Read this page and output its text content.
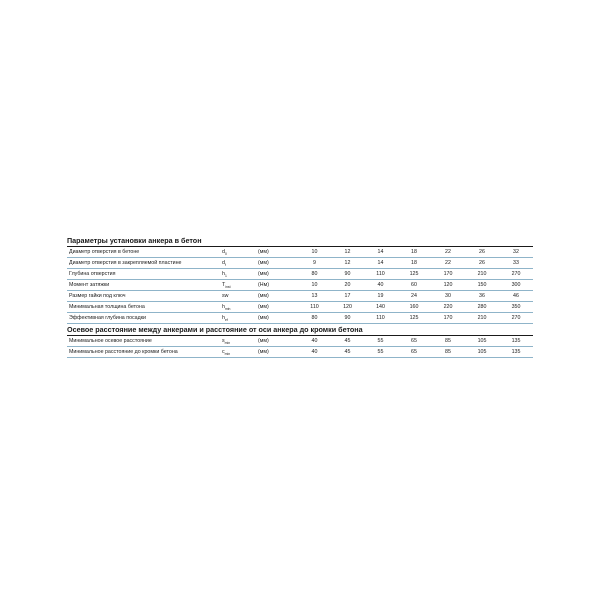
Параметры установки анкера в бетон
Диаметр отверстия в бетоне	$d_0$	(мм)	10	12	14	18	22	26	32
Диаметр отверстия в закрепляемой пластине	$d_f$	(мм)	9	12	14	18	22	26	33
Глубина отверстия	$h_1$	(мм)	80	90	110	125	170	210	270
Момент затяжки	$T_{inst}$	(Нм)	10	20	40	60	120	150	300
Размер гайки под ключ	sw	(мм)	13	17	19	24	30	36	46
Минимальная толщина бетона	$h_{min}$	(мм)	110	120	140	160	220	280	350
Эффективная глубина посадки	$h_{ef}$	(мм)	80	90	110	125	170	210	270
Осевое расстояние между анкерами и расстояние от оси анкера до кромки бетона
Минимальное осевое расстояние	$s_{min}$	(мм)	40	45	55	65	85	105	135
Минимальное расстояние до кромки бетона	$c_{min}$	(мм)	40	45	55	65	85	105	135
